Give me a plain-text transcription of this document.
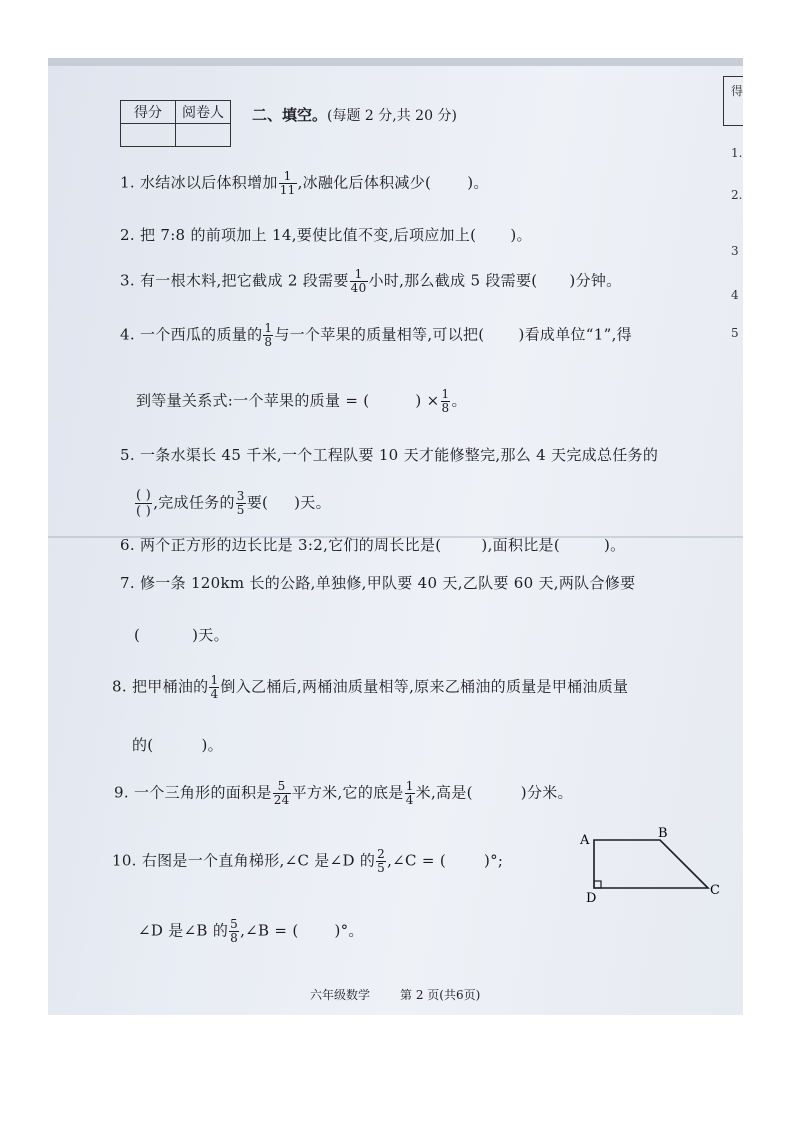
得分	阅卷人
	二、填空。(每题 2 分,共 20 分)
1. 水结冰以后体积增加 $\frac{1}{11}$ ,冰融化后体积减少( )。
2. 把 7:8 的前项加上 14,要使比值不变,后项应加上( )。
3. 有一根木料,把它截成 2 段需要 $\frac{1}{40}$ 小时,那么截成 5 段需要( )分钟。
4. 一个西瓜的质量的 $\frac{1}{8}$ 与一个苹果的质量相等,可以把( )看成单位“1”,得
到等量关系式:一个苹果的质量 = (	) × $\frac{1}{8}$ 。
5. 一条水渠长 45 千米,一个工程队要 10 天才能修整完,那么 4 天完成总任务的
$\frac{( )}{( )}$ ,完成任务的 $\frac{3}{5}$ 要( )天。
6. 两个正方形的边长比是 3:2,它们的周长比是(	),面积比是(	)。
7. 修一条 120km 长的公路,单独修,甲队要 40 天,乙队要 60 天,两队合修要
(	)天。
8. 把甲桶油的 $\frac{1}{4}$ 倒入乙桶后,两桶油质量相等,原来乙桶油的质量是甲桶油质量
的(	)。
9. 一个三角形的面积是 $\frac{5}{24}$ 平方米,它的底是 $\frac{1}{4}$ 米,高是(	)分米。
10. 右图是一个直角梯形,∠C 是∠D 的 $\frac{2}{5}$ ,∠C = (	)°;
∠D 是∠B 的 $\frac{5}{8}$ ,∠B = ( )°。
A	B
C
D
六年级数学	第 2 页(共6页)
得
1.
2.
3
4
5
